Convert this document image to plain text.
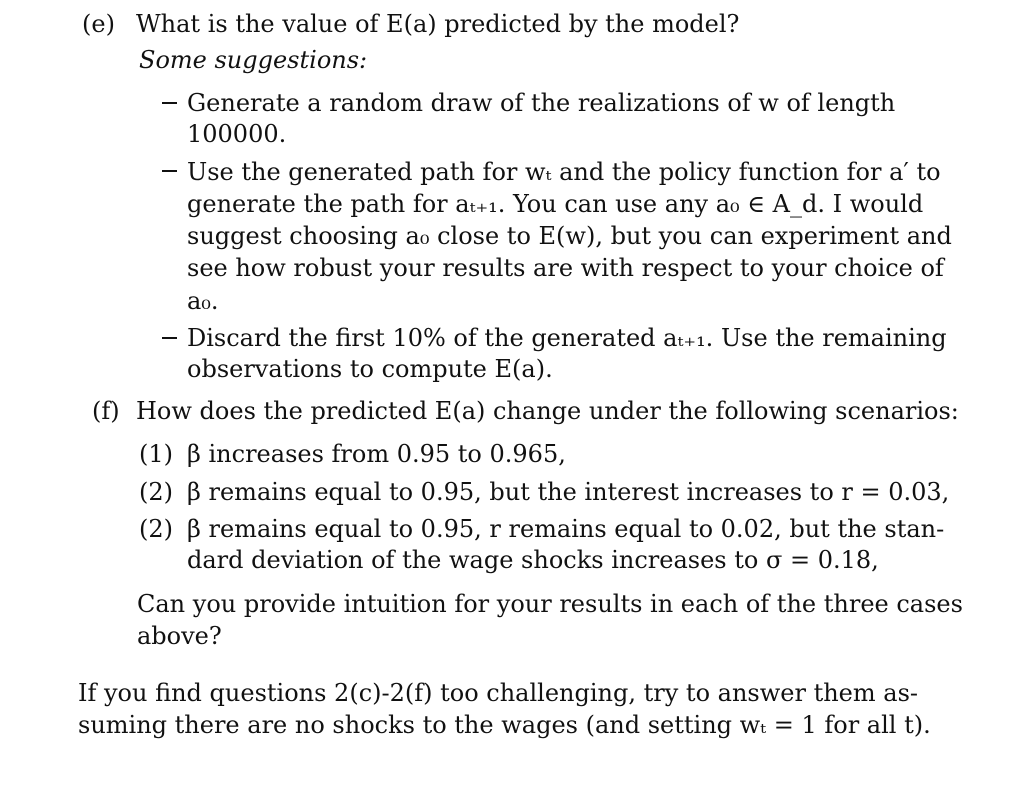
(e) What is the value of E(a) predicted by the model?
Some suggestions:
Generate a random draw of the realizations of w of length
100000.
Use the generated path for wₜ and the policy function for a′ to
generate the path for aₜ₊₁. You can use any a₀ ∈ A_d. I would
suggest choosing a₀ close to E(w), but you can experiment and
see how robust your results are with respect to your choice of
a₀.
Discard the first 10% of the generated aₜ₊₁. Use the remaining
observations to compute E(a).
(f) How does the predicted E(a) change under the following scenarios:
(1) β increases from 0.95 to 0.965,
(2) β remains equal to 0.95, but the interest increases to r = 0.03,
(2) β remains equal to 0.95, r remains equal to 0.02, but the stan-
dard deviation of the wage shocks increases to σ = 0.18,
Can you provide intuition for your results in each of the three cases
above?
If you find questions 2(c)-2(f) too challenging, try to answer them as-
suming there are no shocks to the wages (and setting wₜ = 1 for all t).
